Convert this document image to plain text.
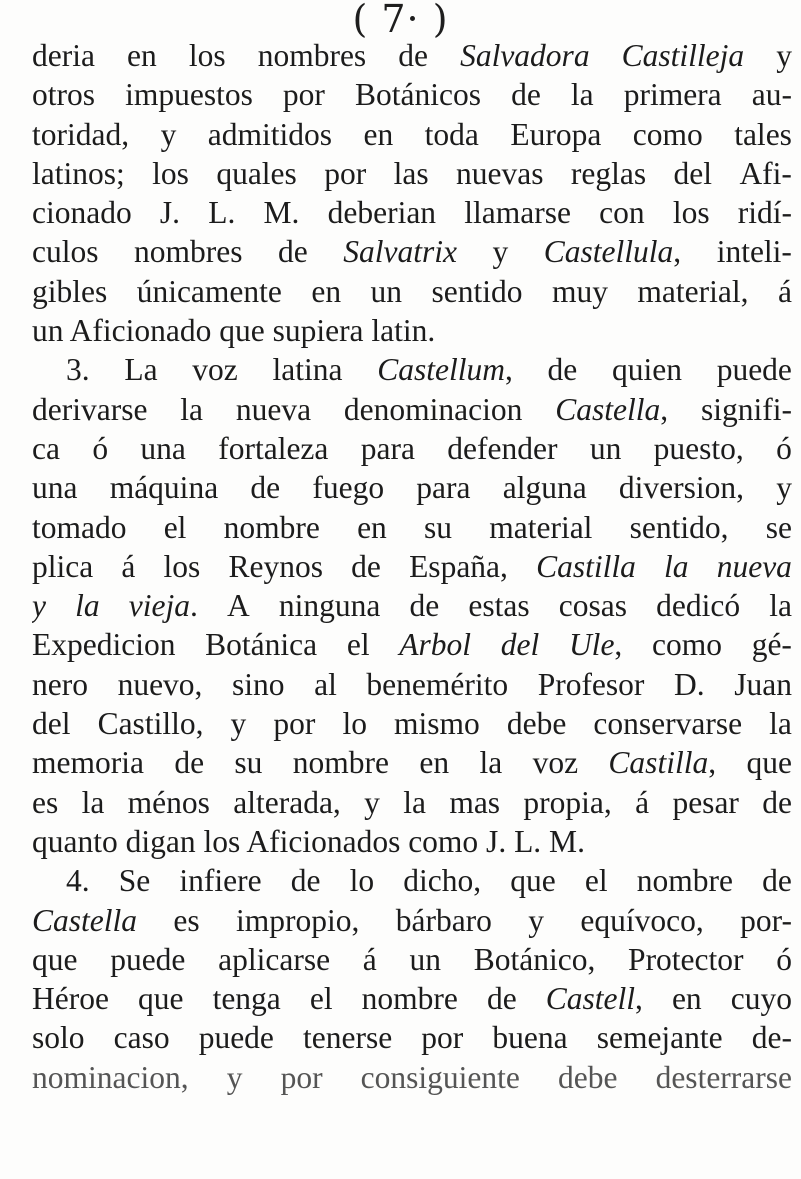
( 7· )
deria en los nombres de Salvadora Castilleja y
otros impuestos por Botánicos de la primera au-
toridad, y admitidos en toda Europa como tales
latinos; los quales por las nuevas reglas del Afi-
cionado J. L. M. deberian llamarse con los ridí-
culos nombres de Salvatrix y Castellula, inteli-
gibles únicamente en un sentido muy material, á
un Aficionado que supiera latin.
3. La voz latina Castellum, de quien puede
derivarse la nueva denominacion Castella, signifi-
ca ó una fortaleza para defender un puesto, ó
una máquina de fuego para alguna diversion, y
tomado el nombre en su material sentido, se
plica á los Reynos de España, Castilla la nueva
y la vieja. A ninguna de estas cosas dedicó la
Expedicion Botánica el Arbol del Ule, como gé-
nero nuevo, sino al benemérito Profesor D. Juan
del Castillo, y por lo mismo debe conservarse la
memoria de su nombre en la voz Castilla, que
es la ménos alterada, y la mas propia, á pesar de
quanto digan los Aficionados como J. L. M.
4. Se infiere de lo dicho, que el nombre de
Castella es impropio, bárbaro y equívoco, por-
que puede aplicarse á un Botánico, Protector ó
Héroe que tenga el nombre de Castell, en cuyo
solo caso puede tenerse por buena semejante de-
nominacion, y por consiguiente debe desterrarse
